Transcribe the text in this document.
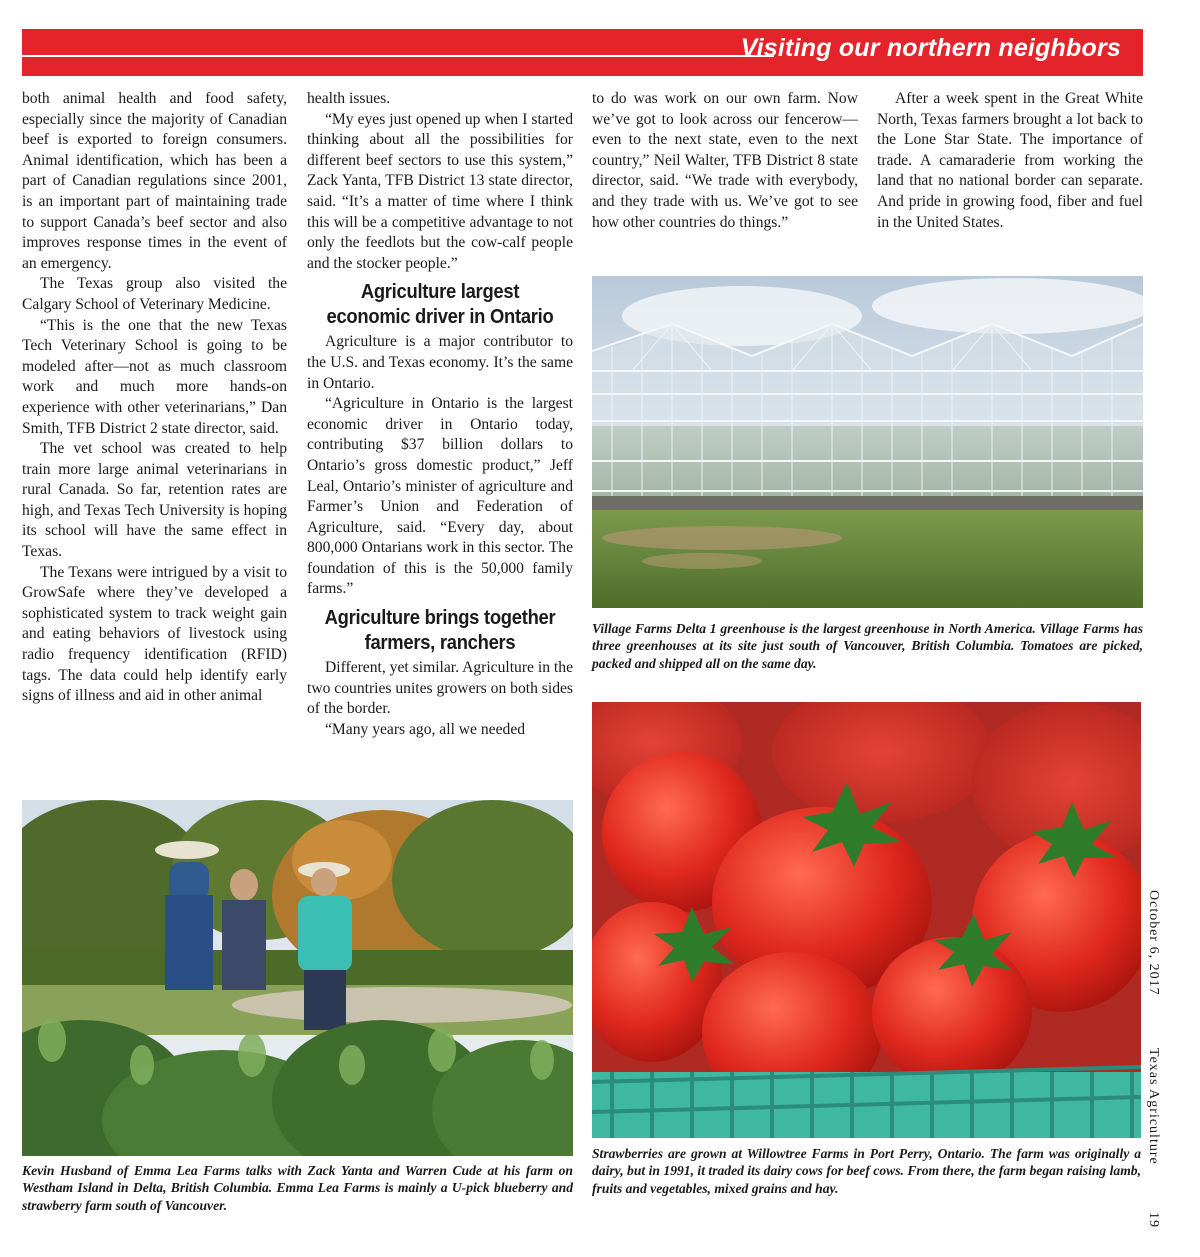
Visiting our northern neighbors

both animal health and food safety, especially since the majority of Canadian beef is exported to foreign consumers. Animal identification, which has been a part of Canadian regulations since 2001, is an important part of maintaining trade to support Canada’s beef sector and also improves response times in the event of an emergency.

The Texas group also visited the Calgary School of Veterinary Medicine.

“This is the one that the new Texas Tech Veterinary School is going to be modeled after—not as much classroom work and much more hands-on experience with other veterinarians,” Dan Smith, TFB District 2 state director, said.

The vet school was created to help train more large animal veterinarians in rural Canada. So far, retention rates are high, and Texas Tech University is hoping its school will have the same effect in Texas.

The Texans were intrigued by a visit to GrowSafe where they’ve developed a sophisticated system to track weight gain and eating behaviors of livestock using radio frequency identification (RFID) tags. The data could help identify early signs of illness and aid in other animal

health issues.

“My eyes just opened up when I started thinking about all the possibilities for different beef sectors to use this system,” Zack Yanta, TFB District 13 state director, said. “It’s a matter of time where I think this will be a competitive advantage to not only the feedlots but the cow-calf people and the stocker people.”

Agriculture largest economic driver in Ontario

Agriculture is a major contributor to the U.S. and Texas economy. It’s the same in Ontario.

“Agriculture in Ontario is the largest economic driver in Ontario today, contributing $37 billion dollars to Ontario’s gross domestic product,” Jeff Leal, Ontario’s minister of agriculture and Farmer’s Union and Federation of Agriculture, said. “Every day, about 800,000 Ontarians work in this sector. The foundation of this is the 50,000 family farms.”

Agriculture brings together farmers, ranchers

Different, yet similar. Agriculture in the two countries unites growers on both sides of the border.

“Many years ago, all we needed

to do was work on our own farm. Now we’ve got to look across our fencerow—even to the next state, even to the next country,” Neil Walter, TFB District 8 state director, said. “We trade with everybody, and they trade with us. We’ve got to see how other countries do things.”

After a week spent in the Great White North, Texas farmers brought a lot back to the Lone Star State. The importance of trade. A camaraderie from working the land that no national border can separate. And pride in growing food, fiber and fuel in the United States.

Village Farms Delta 1 greenhouse is the largest greenhouse in North America. Village Farms has three greenhouses at its site just south of Vancouver, British Columbia. Tomatoes are picked, packed and shipped all on the same day.
Kevin Husband of Emma Lea Farms talks with Zack Yanta and Warren Cude at his farm on Westham Island in Delta, British Columbia. Emma Lea Farms is mainly a U-pick blueberry and strawberry farm south of Vancouver.
Strawberries are grown at Willowtree Farms in Port Perry, Ontario. The farm was originally a dairy, but in 1991, it traded its dairy cows for beef cows. From there, the farm began raising lamb, fruits and vegetables, mixed grains and hay.
October 6, 2017
Texas Agriculture
19
